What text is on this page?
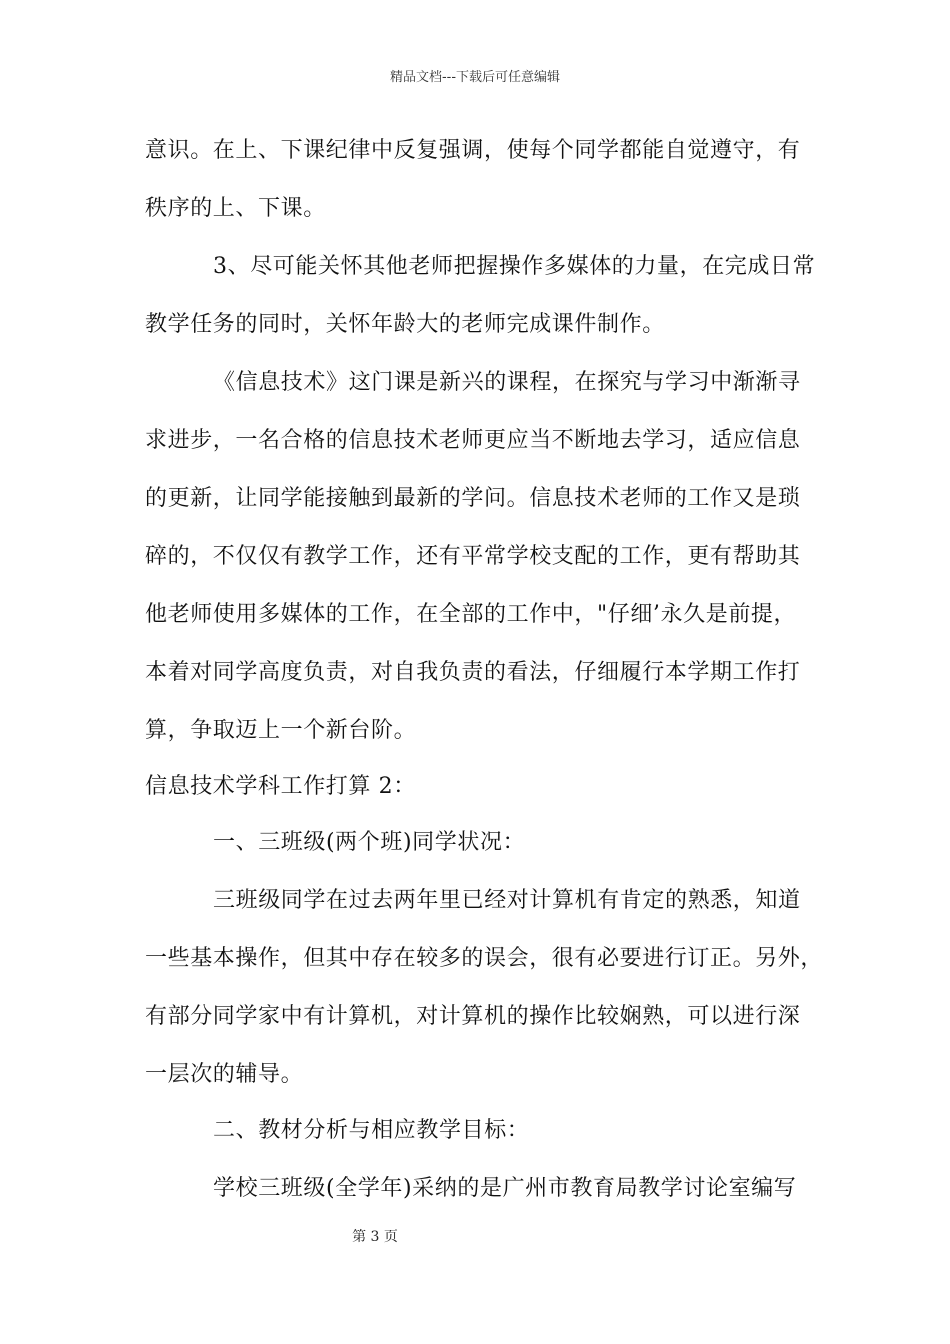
精品文档---下载后可任意编辑
意识。在上、下课纪律中反复强调，使每个同学都能自觉遵守，有
秩序的上、下课。
3、尽可能关怀其他老师把握操作多媒体的力量，在完成日常
教学任务的同时，关怀年龄大的老师完成课件制作。
《信息技术》这门课是新兴的课程，在探究与学习中渐渐寻
求进步，一名合格的信息技术老师更应当不断地去学习，适应信息
的更新，让同学能接触到最新的学问。信息技术老师的工作又是琐
碎的，不仅仅有教学工作，还有平常学校支配的工作，更有帮助其
他老师使用多媒体的工作，在全部的工作中，"仔细’永久是前提，
本着对同学高度负责，对自我负责的看法，仔细履行本学期工作打
算，争取迈上一个新台阶。
信息技术学科工作打算 2：
一、三班级(两个班)同学状况：
三班级同学在过去两年里已经对计算机有肯定的熟悉，知道
一些基本操作，但其中存在较多的误会，很有必要进行订正。另外，
有部分同学家中有计算机，对计算机的操作比较娴熟，可以进行深
一层次的辅导。
二、教材分析与相应教学目标：
学校三班级(全学年)采纳的是广州市教育局教学讨论室编写
第 3 页
